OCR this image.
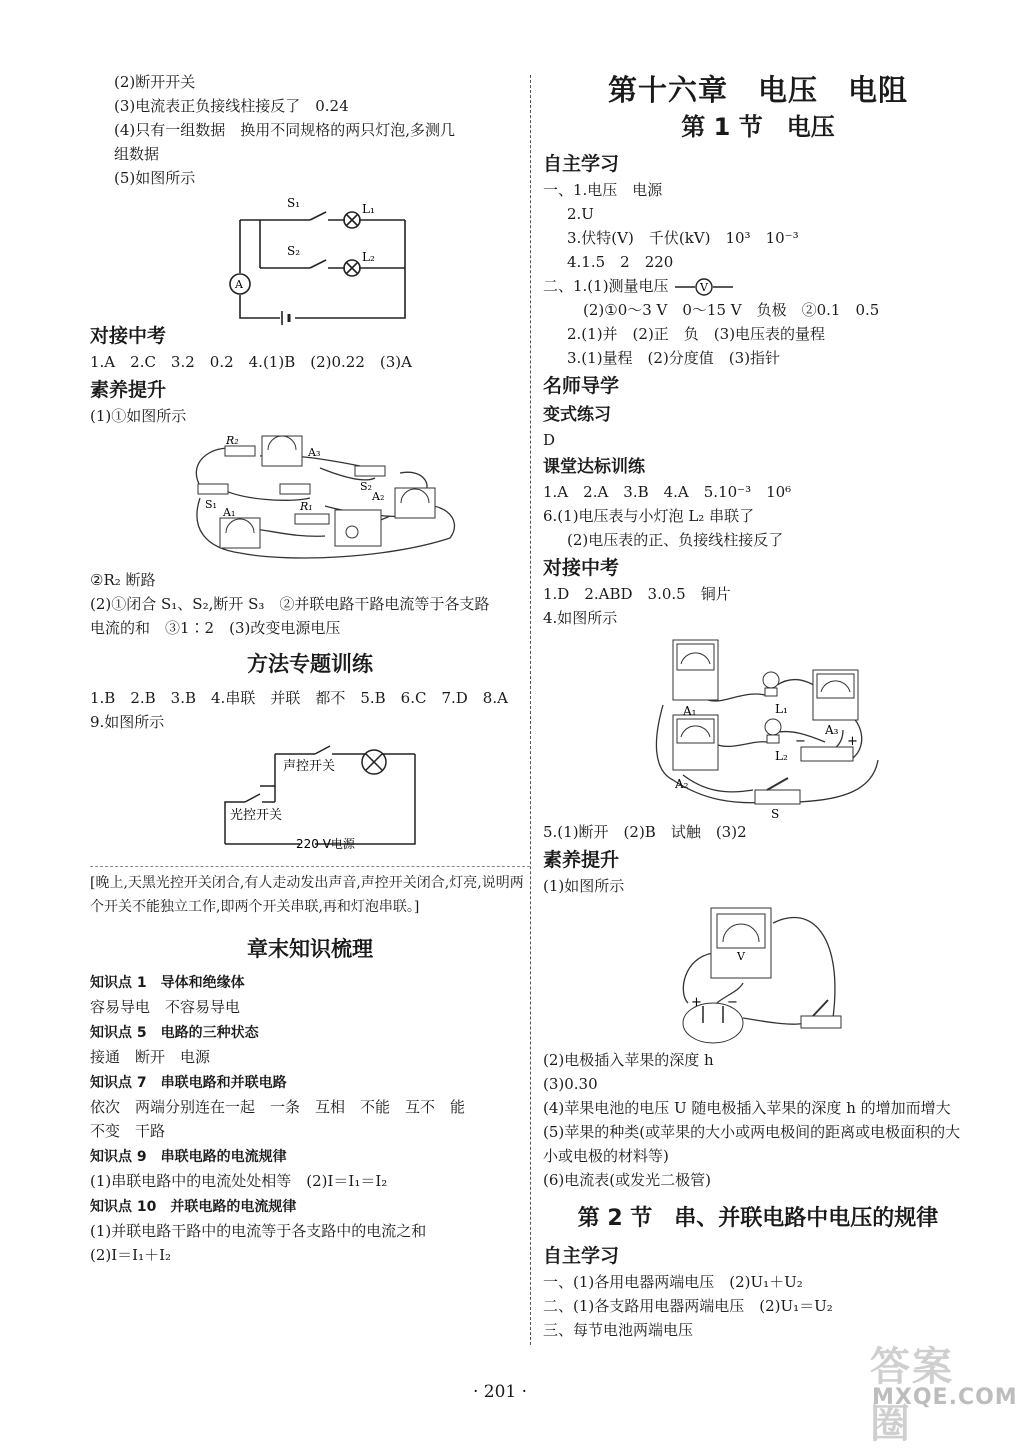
(2)断开开关

(3)电流表正负接线柱接反了　0.24

(4)只有一组数据　换用不同规格的两只灯泡,多测几

组数据

(5)如图所示

S₁	L₁
S₂	L₂
A

对接中考

1.A　2.C　3.2　0.2　4.(1)B　(2)0.22　(3)A

素养提升

(1)①如图所示

R₂
A₃
S₂
S₁
A₂
R₁
A₁

②R₂ 断路

(2)①闭合 S₁、S₂,断开 S₃　②并联电路干路电流等于各支路

电流的和　③1∶2　(3)改变电源电压

方法专题训练

1.B　2.B　3.B　4.串联　并联　都不　5.B　6.C　7.D　8.A

9.如图所示

声控开关
光控开关
220 V电源

[晚上,天黑光控开关闭合,有人走动发出声音,声控开关闭合,灯亮,说明两个开关不能独立工作,即两个开关串联,再和灯泡串联。]

章末知识梳理

知识点 1　导体和绝缘体

容易导电　不容易导电

知识点 5　电路的三种状态

接通　断开　电源

知识点 7　串联电路和并联电路

依次　两端分别连在一起　一条　互相　不能　互不　能

不变　干路

知识点 9　串联电路的电流规律

(1)串联电路中的电流处处相等　(2)I＝I₁＝I₂

知识点 10　并联电路的电流规律

(1)并联电路干路中的电流等于各支路中的电流之和

(2)I＝I₁＋I₂

第十六章　电压　电阻

第 1 节　电压

自主学习

一、1.电压　电源

2.U

3.伏特(V)　千伏(kV)　10³　10⁻³

4.1.5　2　220

二、1.(1)测量电压	V

(2)①0～3 V　0～15 V　负极　②0.1　0.5

2.(1)并　(2)正　负　(3)电压表的量程

3.(1)量程　(2)分度值　(3)指针

名师导学

变式练习

D

课堂达标训练

1.A　2.A　3.B　4.A　5.10⁻³　10⁶

6.(1)电压表与小灯泡 L₂ 串联了

(2)电压表的正、负接线柱接反了

对接中考

1.D　2.ABD　3.0.5　铜片

4.如图所示

A₁	L₁
A₃
A₂
L₂
S
−	+

5.(1)断开　(2)B　试触　(3)2

素养提升

(1)如图所示

V
+ −

(2)电极插入苹果的深度 h

(3)0.30

(4)苹果电池的电压 U 随电极插入苹果的深度 h 的增加而增大

(5)苹果的种类(或苹果的大小或两电极间的距离或电极面积的大小或电极的材料等)

(6)电流表(或发光二极管)

第 2 节　串、并联电路中电压的规律

自主学习

一、(1)各用电器两端电压　(2)U₁＋U₂

二、(1)各支路用电器两端电压　(2)U₁＝U₂

三、每节电池两端电压

· 201 ·
答案圈
MXQE.COM
